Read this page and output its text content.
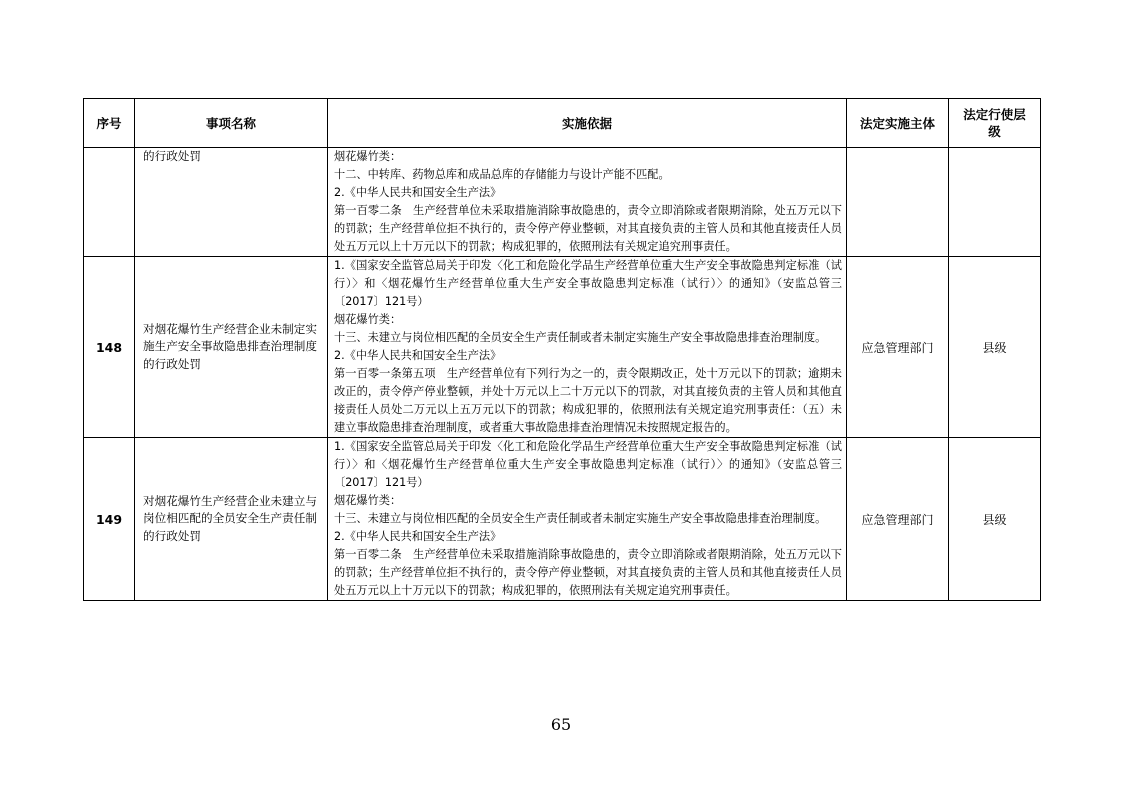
序号	事项名称	实施依据	法定实施主体	法定行使层级
	的行政处罚	烟花爆竹类：

十二、中转库、药物总库和成品总库的存储能力与设计产能不匹配。

2.《中华人民共和国安全生产法》

第一百零二条　生产经营单位未采取措施消除事故隐患的，责令立即消除或者限期消除，处五万元以下的罚款；生产经营单位拒不执行的，责令停产停业整顿，对其直接负责的主管人员和其他直接责任人员处五万元以上十万元以下的罚款；构成犯罪的，依照刑法有关规定追究刑事责任。		

148	对烟花爆竹生产经营企业未制定实施生产安全事故隐患排查治理制度的行政处罚	1.《国家安全监管总局关于印发〈化工和危险化学品生产经营单位重大生产安全事故隐患判定标准（试行）〉和〈烟花爆竹生产经营单位重大生产安全事故隐患判定标准（试行）〉的通知》（安监总管三〔2017〕121号）

烟花爆竹类：

十三、未建立与岗位相匹配的全员安全生产责任制或者未制定实施生产安全事故隐患排查治理制度。

2.《中华人民共和国安全生产法》

第一百零一条第五项　生产经营单位有下列行为之一的，责令限期改正，处十万元以下的罚款；逾期未改正的，责令停产停业整顿，并处十万元以上二十万元以下的罚款，对其直接负责的主管人员和其他直接责任人员处二万元以上五万元以下的罚款；构成犯罪的，依照刑法有关规定追究刑事责任：（五）未建立事故隐患排查治理制度，或者重大事故隐患排查治理情况未按照规定报告的。	应急管理部门	县级
149	对烟花爆竹生产经营企业未建立与岗位相匹配的全员安全生产责任制的行政处罚	1.《国家安全监管总局关于印发〈化工和危险化学品生产经营单位重大生产安全事故隐患判定标准（试行）〉和〈烟花爆竹生产经营单位重大生产安全事故隐患判定标准（试行）〉的通知》（安监总管三〔2017〕121号）

烟花爆竹类：

十三、未建立与岗位相匹配的全员安全生产责任制或者未制定实施生产安全事故隐患排查治理制度。

2.《中华人民共和国安全生产法》

第一百零二条　生产经营单位未采取措施消除事故隐患的，责令立即消除或者限期消除，处五万元以下的罚款；生产经营单位拒不执行的，责令停产停业整顿，对其直接负责的主管人员和其他直接责任人员处五万元以上十万元以下的罚款；构成犯罪的，依照刑法有关规定追究刑事责任。	应急管理部门	县级
65
